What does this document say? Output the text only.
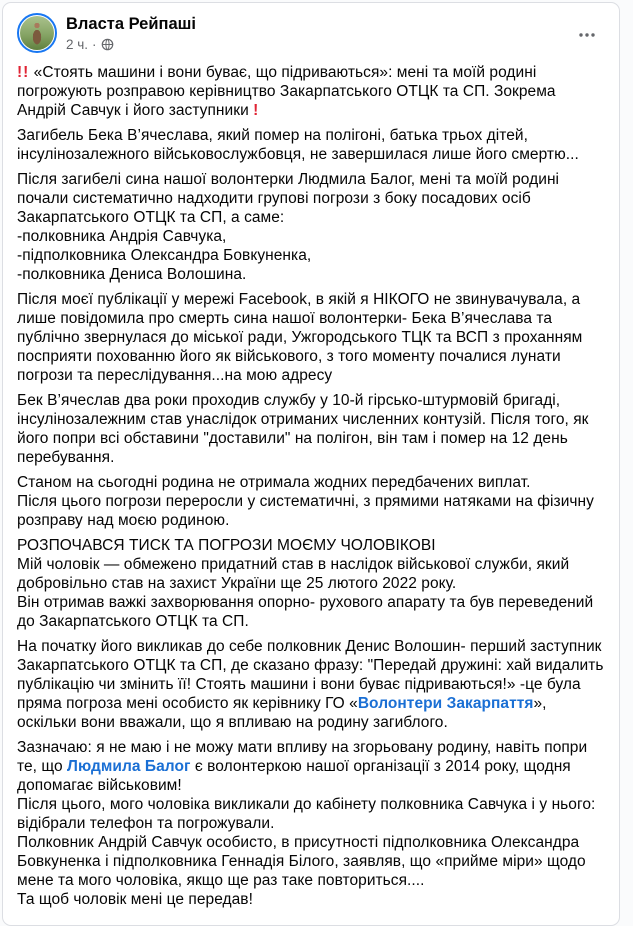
Власта Рейпаші
2 ч. ·
!! «Стоять машини і вони буває, що підриваються»: мені та моїй родині погрожують розправою керівництво Закарпатського ОТЦК та СП. Зокрема Андрій Савчук і його заступники !
Загибель Бека В’ячеслава, який помер на полігоні, батька трьох дітей, інсулінозалежного військовослужбовця, не завершилася лише його смертю...
Після загибелі сина нашої волонтерки Людмила Балог, мені та моїй родині почали систематично надходити групові погрози з боку посадових осіб Закарпатського ОТЦК та СП, а саме:
-полковника Андрія Савчука,
-підполковника Олександра Бовкуненка,
-полковника Дениса Волошина.
Після моєї публікації у мережі Facebook, в якій я НІКОГО не звинувачувала, а лише повідомила про смерть сина нашої волонтерки- Бека В’ячеслава та публічно звернулася до міської ради, Ужгородського ТЦК та ВСП з проханням посприяти похованню його як військового, з того моменту почалися лунати погрози та переслідування...на мою адресу
Бек В’ячеслав два роки проходив службу у 10-й гірсько-штурмовій бригаді, інсулінозалежним став унаслідок отриманих численних контузій. Після того, як його попри всі обставини "доставили" на полігон, він там і помер на 12 день перебування.
Станом на сьогодні родина не отримала жодних передбачених виплат.
Після цього погрози переросли у систематичні, з прямими натяками на фізичну розправу над моєю родиною.
РОЗПОЧАВСЯ ТИСК ТА ПОГРОЗИ МОЄМУ ЧОЛОВІКОВІ
Мій чоловік — обмежено придатний став в наслідок військової служби, який добровільно став на захист України ще 25 лютого 2022 року.
Він отримав важкі захворювання опорно- рухового апарату та був переведений до Закарпатського ОТЦК та СП.
На початку його викликав до себе полковник Денис Волошин- перший заступник Закарпатського ОТЦК та СП, де сказано фразу: "Передай дружині: хай видалить публікацію чи змінить її! Стоять машини і вони буває підриваються!» -це була пряма погроза мені особисто як керівнику ГО «Волонтери Закарпаття», оскільки вони вважали, що я впливаю на родину загиблого.
Зазначаю: я не маю і не можу мати впливу на згорьовану родину, навіть попри те, що Людмила Балог є волонтеркою нашої організації з 2014 року, щодня допомагає військовим!
Після цього, мого чоловіка викликали до кабінету полковника Савчука і у нього: відібрали телефон та погрожували.
Полковник Андрій Савчук особисто, в присутності підполковника Олександра Бовкуненка і підполковника Геннадія Білого, заявляв, що «прийме міри» щодо мене та мого чоловіка, якщо ще раз таке повториться....
Та щоб чоловік мені це передав!
